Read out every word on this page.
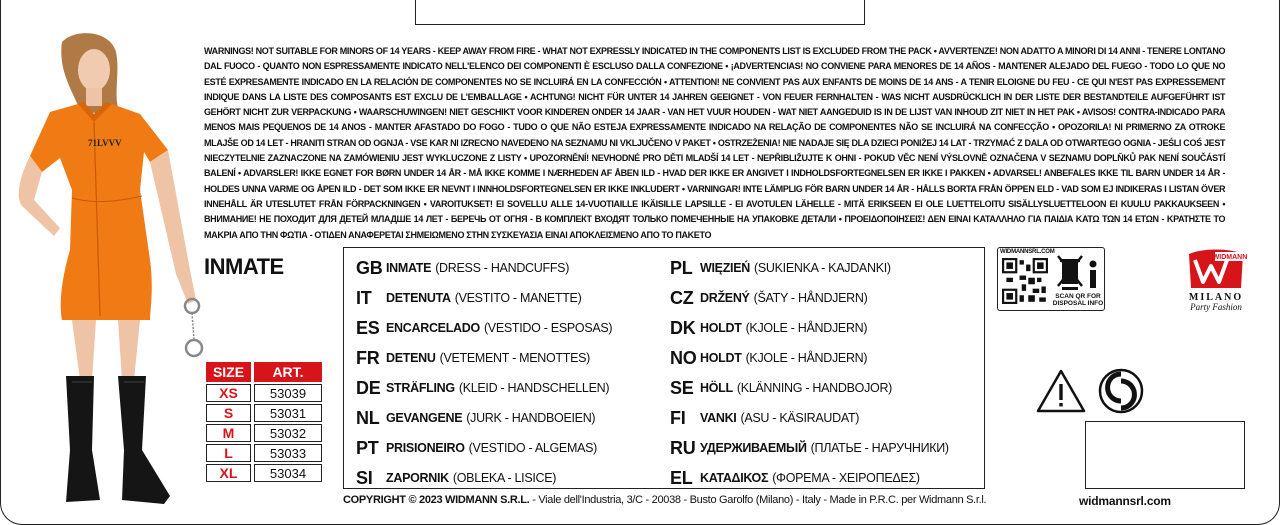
71LVVV
WARNINGS! NOT SUITABLE FOR MINORS OF 14 YEARS - KEEP AWAY FROM FIRE - WHAT NOT EXPRESSLY INDICATED IN THE COMPONENTS LIST IS EXCLUDED FROM THE PACK • AVVERTENZE! NON ADATTO A MINORI DI 14 ANNI - TENERE LONTANO DAL FUOCO - QUANTO NON ESPRESSAMENTE INDICATO NELL'ELENCO DEI COMPONENTI È ESCLUSO DALLA CONFEZIONE • ¡ADVERTENCIAS! NO CONVIENE PARA MENORES DE 14 AÑOS - MANTENER ALEJADO DEL FUEGO - TODO LO QUE NO ESTÉ EXPRESAMENTE INDICADO EN LA RELACIÓN DE COMPONENTES NO SE INCLUIRÁ EN LA CONFECCIÓN • ATTENTION! NE CONVIENT PAS AUX ENFANTS DE MOINS DE 14 ANS - A TENIR ELOIGNE DU FEU - CE QUI N'EST PAS EXPRESSEMENT INDIQUE DANS LA LISTE DES COMPOSANTS EST EXCLU DE L'EMBALLAGE • ACHTUNG! NICHT FÜR UNTER 14 JAHREN GEEIGNET - VON FEUER FERNHALTEN - WAS NICHT AUSDRÜCKLICH IN DER LISTE DER BESTANDTEILE AUFGEFÜHRT IST GEHÖRT NICHT ZUR VERPACKUNG • WAARSCHUWINGEN! NIET GESCHIKT VOOR KINDEREN ONDER 14 JAAR - VAN HET VUUR HOUDEN - WAT NIET AANGEDUID IS IN DE LIJST VAN INHOUD ZIT NIET IN HET PAK • AVISOS! CONTRA-INDICADO PARA MENOS MAIS PEQUENOS DE 14 ANOS - MANTER AFASTADO DO FOGO - TUDO O QUE NÃO ESTEJA EXPRESSAMENTE INDICADO NA RELAÇÃO DE COMPONENTES NÃO SE INCLUIRÁ NA CONFECÇÃO • OPOZORILA! NI PRIMERNO ZA OTROKE MLAJŠE OD 14 LET - HRANITI STRAN OD OGNJA - VSE KAR NI IZRECNO NAVEDENO NA SEZNAMU NI VKLJUČENO V PAKET • OSTRZEŻENIA! NIE NADAJE SIĘ DLA DZIECI PONIŻEJ 14 LAT - TRZYMAĆ Z DALA OD OTWARTEGO OGNIA - JEŚLI COŚ JEST NIECZYTELNIE ZAZNACZONE NA ZAMÓWIENIU JEST WYKLUCZONE Z LISTY • UPOZORNĚNÍ! NEVHODNÉ PRO DĚTI MLADŠÍ 14 LET - NEPŘIBLIŽUJTE K OHNI - POKUD VĚC NENÍ VÝSLOVNĚ OZNAČENA V SEZNAMU DOPLŇKŮ PAK NENÍ SOUČÁSTÍ BALENÍ • ADVARSLER! IKKE EGNET FOR BØRN UNDER 14 ÅR - MÅ IKKE KOMME I NÆRHEDEN AF ÅBEN ILD - HVAD DER IKKE ER ANGIVET I INDHOLDSFORTEGNELSEN ER IKKE I PAKKEN • ADVARSEL! ANBEFALES IKKE TIL BARN UNDER 14 ÅR - HOLDES UNNA VARME OG ÅPEN ILD - DET SOM IKKE ER NEVNT I INNHOLDSFORTEGNELSEN ER IKKE INKLUDERT • VARNINGAR! INTE LÄMPLIG FÖR BARN UNDER 14 ÅR - HÅLLS BORTA FRÅN ÖPPEN ELD - VAD SOM EJ INDIKERAS I LISTAN ÖVER INNEHÅLL ÄR UTESLUTET FRÅN FÖRPACKNINGEN • VAROITUKSET! EI SOVELLU ALLE 14-VUOTIAILLE IKÄISILLE LAPSILLE - EI AVOTULEN LÄHELLE - MITÄ ERIKSEEN EI OLE LUETTELOITU SISÄLLYSLUETTELOON EI KUULU PAKKAUKSEEN • ВНИМАНИЕ! НЕ ПОХОДИТ ДЛЯ ДЕТЕЙ МЛАДШЕ 14 ЛЕТ - БЕРЕЧЬ ОТ ОГНЯ - В КОМПЛЕКТ ВХОДЯТ ТОЛЬКО ПОМЕЧЕННЫЕ НА УПАКОВКЕ ДЕТАЛИ • ΠΡΟΕΙΔΟΠΟΙΗΣΕΙΣ! ΔΕΝ ΕΙΝΑΙ ΚΑΤΑΛΛΗΛΟ ΓΙΑ ΠΑΙΔΙΑ ΚΑΤΩ ΤΩΝ 14 ΕΤΩΝ - ΚΡΑΤΗΣΤΕ ΤΟ ΜΑΚΡΙΑ ΑΠΟ ΤΗΝ ΦΩΤΙΑ - ΟΤΙΔΕΝ ΑΝΑΦΕΡΕΤΑΙ ΣΗΜΕΙΩΜΕΝΟ ΣΤΗΝ ΣΥΣΚΕΥΑΣΙΑ ΕΙΝΑΙ ΑΠΟΚΛΕΙΣΜΕΝΟ ΑΠΟ ΤΟ ΠΑΚΕΤΟ
INMATE
SIZE	ART.
XS	53039
S	53031
M	53032
L	53033
XL	53034
GB INMATE (DRESS - HANDCUFFS)
IT	DETENUTA (VESTITO - MANETTE)
ES ENCARCELADO (VESTIDO - ESPOSAS)
FR DETENU (VETEMENT - MENOTTES)
DE STRÄFLING (KLEID - HANDSCHELLEN)
NL GEVANGENE (JURK - HANDBOEIEN)
PT PRISIONEIRO (VESTIDO - ALGEMAS)
SI	ZAPORNIK (OBLEKA - LISICE)
PL WIĘZIEŃ (SUKIENKA - KAJDANKI)
CZ DRŽENÝ (ŠATY - HÅNDJERN)
DK HOLDT (KJOLE - HÅNDJERN)
NO HOLDT (KJOLE - HÅNDJERN)
SE HÖLL (KLÄNNING - HANDBOJOR)
FI	VANKI (ASU - KÄSIRAUDAT)
RU УДЕРЖИВАЕМЫЙ (ПЛАТЬЕ - НАРУЧНИКИ)
EL ΚΑΤΑΔΙΚΟΣ (ΦΟΡΕΜΑ - ΧΕΙΡΟΠΕΔΕΣ)
COPYRIGHT © 2023 WIDMANN S.R.L. - Viale dell'Industria, 3/C - 20038 - Busto Garolfo (Milano) - Italy - Made in P.R.C. per Widmann S.r.l.	widmannsrl.com
WIDMANNSRL.COM
SCAN QR FOR DISPOSAL INFO
WIDMANN
MILANO
Party Fashion
